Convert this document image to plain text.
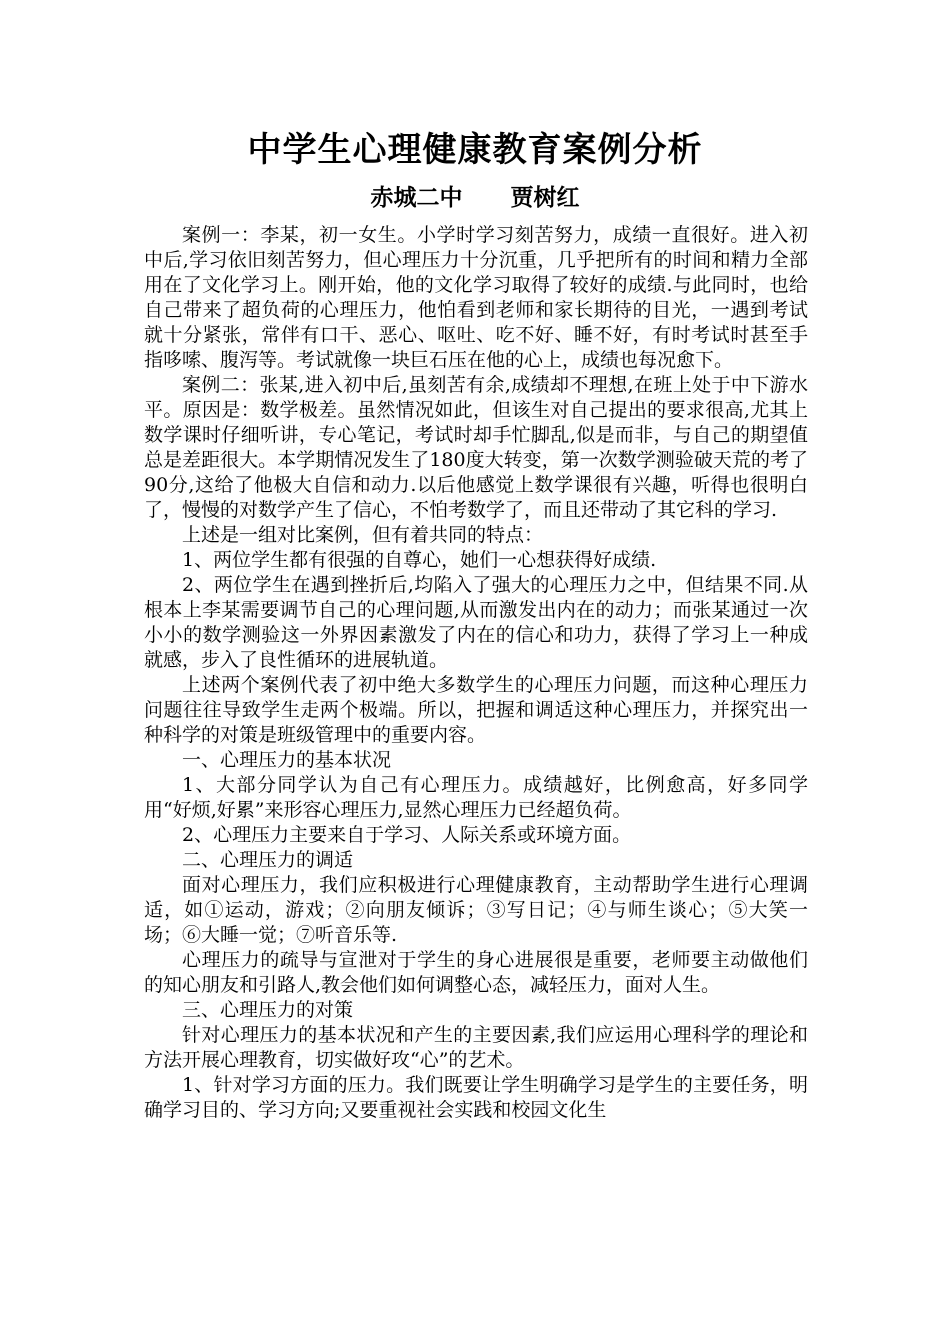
中学生心理健康教育案例分析
赤城二中      贾树红

案例一：李某，初一女生。小学时学习刻苦努力，成绩一直很好。进入初中后,学习依旧刻苦努力，但心理压力十分沉重，几乎把所有的时间和精力全部用在了文化学习上。刚开始，他的文化学习取得了较好的成绩.与此同时，也给自己带来了超负荷的心理压力，他怕看到老师和家长期待的目光，一遇到考试就十分紧张，常伴有口干、恶心、呕吐、吃不好、睡不好，有时考试时甚至手指哆嗦、腹泻等。考试就像一块巨石压在他的心上，成绩也每况愈下。

案例二：张某,进入初中后,虽刻苦有余,成绩却不理想,在班上处于中下游水平。原因是：数学极差。虽然情况如此，但该生对自己提出的要求很高,尤其上数学课时仔细听讲，专心笔记，考试时却手忙脚乱,似是而非，与自己的期望值总是差距很大。本学期情况发生了180度大转变，第一次数学测验破天荒的考了90分,这给了他极大自信和动力.以后他感觉上数学课很有兴趣，听得也很明白了，慢慢的对数学产生了信心，不怕考数学了，而且还带动了其它科的学习.

上述是一组对比案例，但有着共同的特点：

1、两位学生都有很强的自尊心，她们一心想获得好成绩.

2、两位学生在遇到挫折后,均陷入了强大的心理压力之中，但结果不同.从根本上李某需要调节自己的心理问题,从而激发出内在的动力；而张某通过一次小小的数学测验这一外界因素激发了内在的信心和功力，获得了学习上一种成就感，步入了良性循环的进展轨道。

上述两个案例代表了初中绝大多数学生的心理压力问题，而这种心理压力问题往往导致学生走两个极端。所以，把握和调适这种心理压力，并探究出一种科学的对策是班级管理中的重要内容。

一、心理压力的基本状况

1、大部分同学认为自己有心理压力。成绩越好，比例愈高，好多同学用“好烦,好累”来形容心理压力,显然心理压力已经超负荷。

2、心理压力主要来自于学习、人际关系或环境方面。

二、心理压力的调适

面对心理压力，我们应积极进行心理健康教育，主动帮助学生进行心理调适，如①运动，游戏；②向朋友倾诉；③写日记；④与师生谈心；⑤大笑一场；⑥大睡一觉；⑦听音乐等.

心理压力的疏导与宣泄对于学生的身心进展很是重要，老师要主动做他们的知心朋友和引路人,教会他们如何调整心态，减轻压力，面对人生。

三、心理压力的对策

针对心理压力的基本状况和产生的主要因素,我们应运用心理科学的理论和方法开展心理教育，切实做好攻“心”的艺术。

1、针对学习方面的压力。我们既要让学生明确学习是学生的主要任务，明确学习目的、学习方向;又要重视社会实践和校园文化生
